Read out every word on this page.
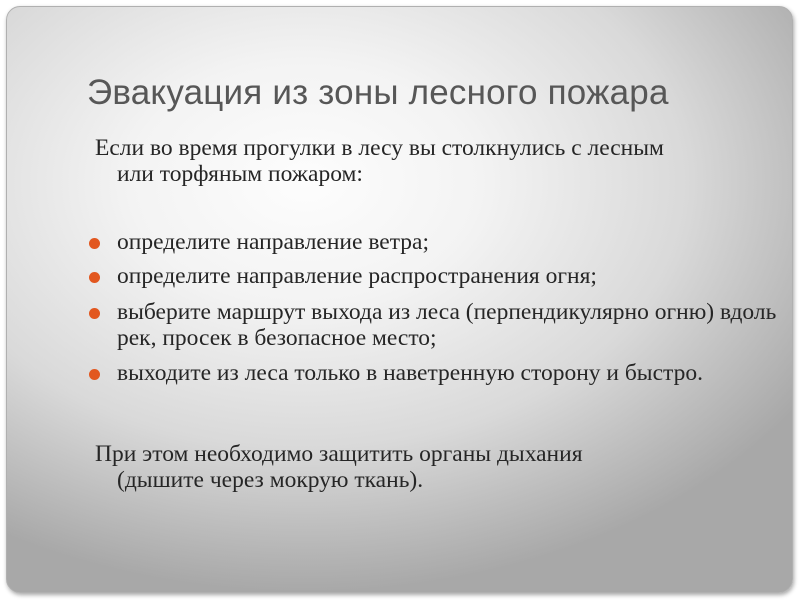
Эвакуация из зоны лесного пожара
Если во время прогулки в лесу вы столкнулись с лесным
или торфяным пожаром:
определите направление ветра;
определите направление распространения огня;
выберите маршрут выхода из леса (перпендикулярно огню) вдоль рек, просек в безопасное место;
выходите из леса только в наветренную сторону и быстро.
При этом необходимо защитить органы дыхания
(дышите через мокрую ткань).
